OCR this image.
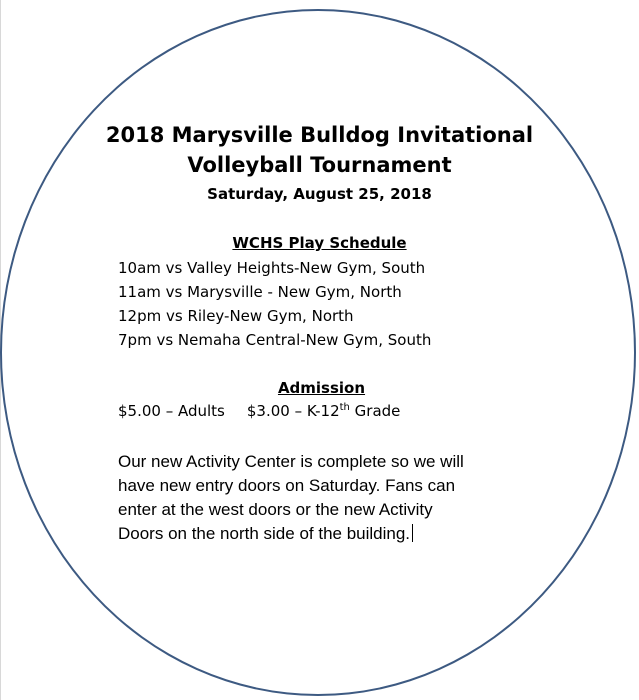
2018 Marysville Bulldog Invitational
Volleyball Tournament
Saturday, August 25, 2018
WCHS Play Schedule
10am vs Valley Heights-New Gym, South
11am vs Marysville - New Gym, North
12pm vs Riley-New Gym, North
7pm vs Nemaha Central-New Gym, South
Admission
$5.00 – Adults $3.00 – K-12th Grade

Our new Activity Center is complete so we will

have new entry doors on Saturday. Fans can

enter at the west doors or the new Activity

Doors on the north side of the building.
